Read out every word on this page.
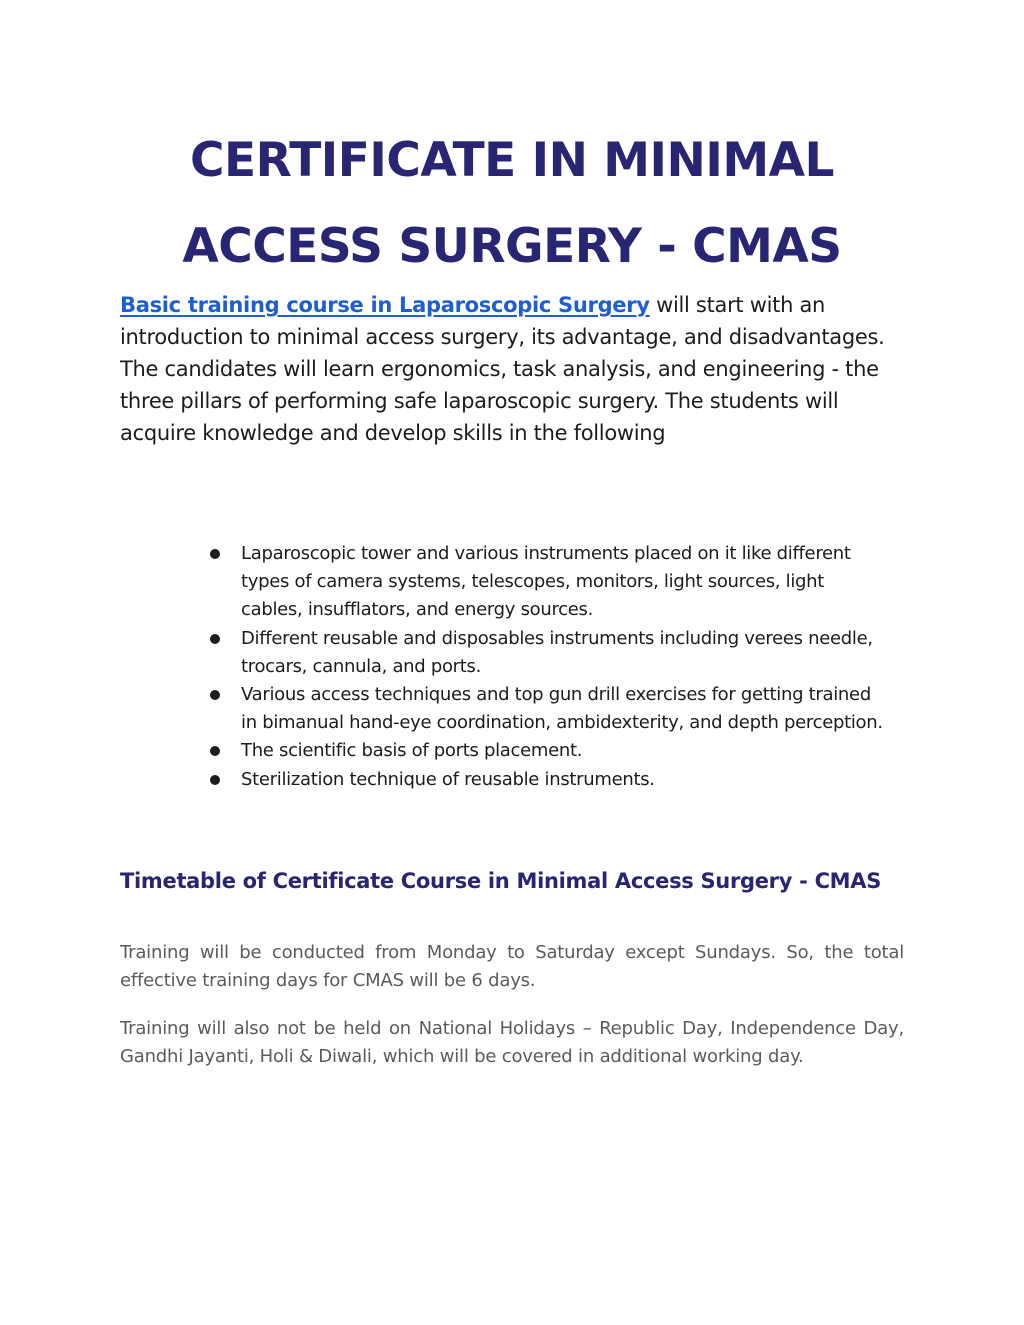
CERTIFICATE IN MINIMAL
ACCESS SURGERY - CMAS

Basic training course in Laparoscopic Surgery will start with an introduction to minimal access surgery, its advantage, and disadvantages. The candidates will learn ergonomics, task analysis, and engineering - the three pillars of performing safe laparoscopic surgery. The students will acquire knowledge and develop skills in the following

Laparoscopic tower and various instruments placed on it like different types of camera systems, telescopes, monitors, light sources, light cables, insufflators, and energy sources.
Different reusable and disposables instruments including verees needle, trocars, cannula, and ports.
Various access techniques and top gun drill exercises for getting trained in bimanual hand-eye coordination, ambidexterity, and depth perception.
The scientific basis of ports placement.
Sterilization technique of reusable instruments.
Timetable of Certificate Course in Minimal Access Surgery - CMAS

Training will be conducted from Monday to Saturday except Sundays. So, the total effective training days for CMAS will be 6 days.

Training will also not be held on National Holidays – Republic Day, Independence Day, Gandhi Jayanti, Holi & Diwali, which will be covered in additional working day.
